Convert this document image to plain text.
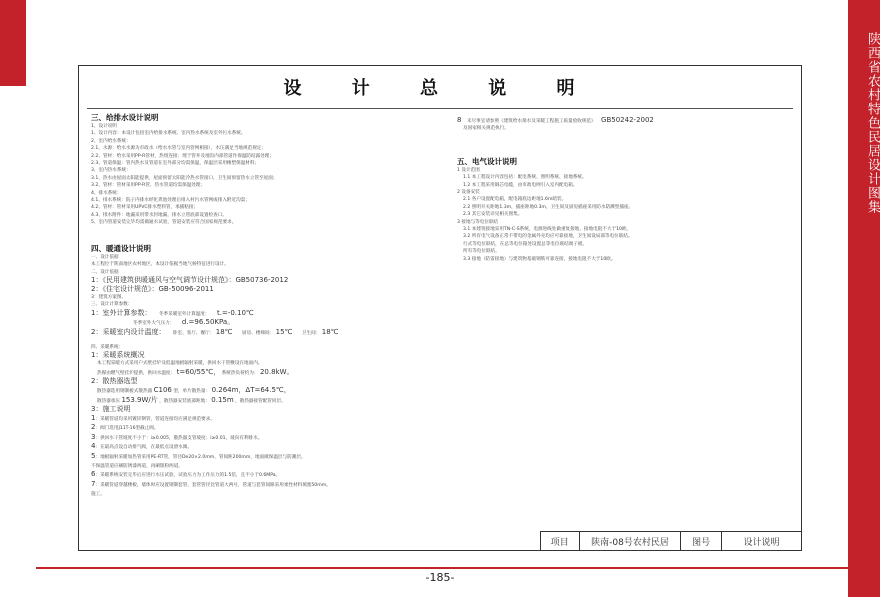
陕西省农村特色民居设计图集
设 计 总 说 明
三、给排水设计说明
1、设计说明
1、设计内容：本设计包括室内给排水系统、室内热水系统及室外污水系统。
2、室内给水系统：
2.1、水源：给水水源为市政水（给水水管与室内管网相接），水压满足当地规范规定；
2.2、管材：给水采用PP-R管材，热熔连接；埋于管井及地沟内部管道作保温防结露处理；
2.3、管道保温：管内热水及管道在室外部分均需保温，保温层采用橡塑保温材料；
3、室内热水系统：
3.1、热水由屋面太阳能提供，屋面预留太阳能冷热水管接口，卫生间预留热水立管至屋面；
3.2、管材：管材采用PP-R管，热水管道均需保温处理；
4、排水系统：
4.1、排水系统：院子内排水经化粪池处理后排入村污水管网或排入附近沟渠；
4.2、管材：管材采用UPVC排水塑料管，承插粘接；
4.3、排水附件：地漏采用带水封地漏，排水立管底部设置检查口。
5、室内管道安装完毕均需做通水试验，管道安装应符合国家规范要求。
四、暖通设计说明
一、设计依据
本工程位于陕南地区农村地区，本设计依据当地气候特征进行设计。
二、设计依据
1：《民用建筑供暖通风与空气调节设计规范》：GB50736-2012
2：《住宅设计规范》：GB-50096-2011
3：建筑方案图。
三、设计计算参数：
1：室外计算参数： 冬季采暖室外计算温度： t.=-0.10℃
冬季室外大气压力： d.=96.50KPa。
2：采暖室内设计温度： 卧室、客厅、餐厅： 18℃ 厨房、楼梯间： 15℃ 卫生间： 18℃
四、采暖系统：
1：采暖系统概况
本工程采暖方式采用户式壁挂炉及低温地板辐射采暖，供回水干管敷设在地面内。
热媒由燃气壁挂炉提供，供回水温度： t=60/55℃， 系统热负荷约为： 20.8kW。
2：散热器选型
散热器选用钢制板式散热器 C106 型，单片散热量： 0.264m，ΔT=64.5℃，
散热器承压 153.9W/片 ，散热器安装底部距地： 0.15m ，散热器接管配管同层。
3：施工说明
1：采暖管道均采用镀锌钢管，管道连接均应满足规范要求。
2：阀门选用J11T-16型截止阀。
3：供回水干管坡度不小于：i≥0.005，散热器支管坡度：i≥0.01，坡向有利排水。
4：在最高点设自动排气阀，在最低点设泄水阀。
5：地板辐射采暖加热管采用PE-RT管，管径De20×2.0mm，管间距200mm，地面做保温层与防潮层。
不保温管道应刷防锈漆两道，再刷银粉两道。
6：采暖系统安装完毕后应进行水压试验，试验压力为工作压力的1.5倍，且不小于0.6MPa。
7：采暖管道穿越楼板、墙体时应设置钢制套管，套管管径比管道大两号，管道与套管间隙采用柔性材料填塞50mm。
施工。
8 未尽事宜请参照《建筑给水排水及采暖工程施工质量验收规范》 GB50242-2002
及国家相关规范执行。
五、电气设计说明
1 设计范围
1.1 本工程设计内容包括：配电系统、照明系统、接地系统。
1.2 本工程采用铜芯电缆，由市政电网引入室内配电箱。
2 设备安装
2.1 各户设置配电箱，配电箱底边距地1.6m暗装。
2.2 照明开关距地1.3m，插座距地0.3m，卫生间及厨房插座采用防水防溅型插座。
2.3 其它安装详见相关图集。
3 接地与等电位联结
3.1 本建筑接地采用TN-C-S系统，电源进线处做重复接地，接地电阻不大于10欧。
3.2 所有电气设备正常不带电的金属外壳均应可靠接地，卫生间设局部等电位联结。
行式等电位联结，在总等电位箱处设置总等电位联结端子板。
所有等电位联结。
3.3 接地（防雷接地）与建筑物基础钢筋可靠连接，接地电阻不大于10欧。
项目	陕南-08号农村民居	图号	设计说明
-185-
